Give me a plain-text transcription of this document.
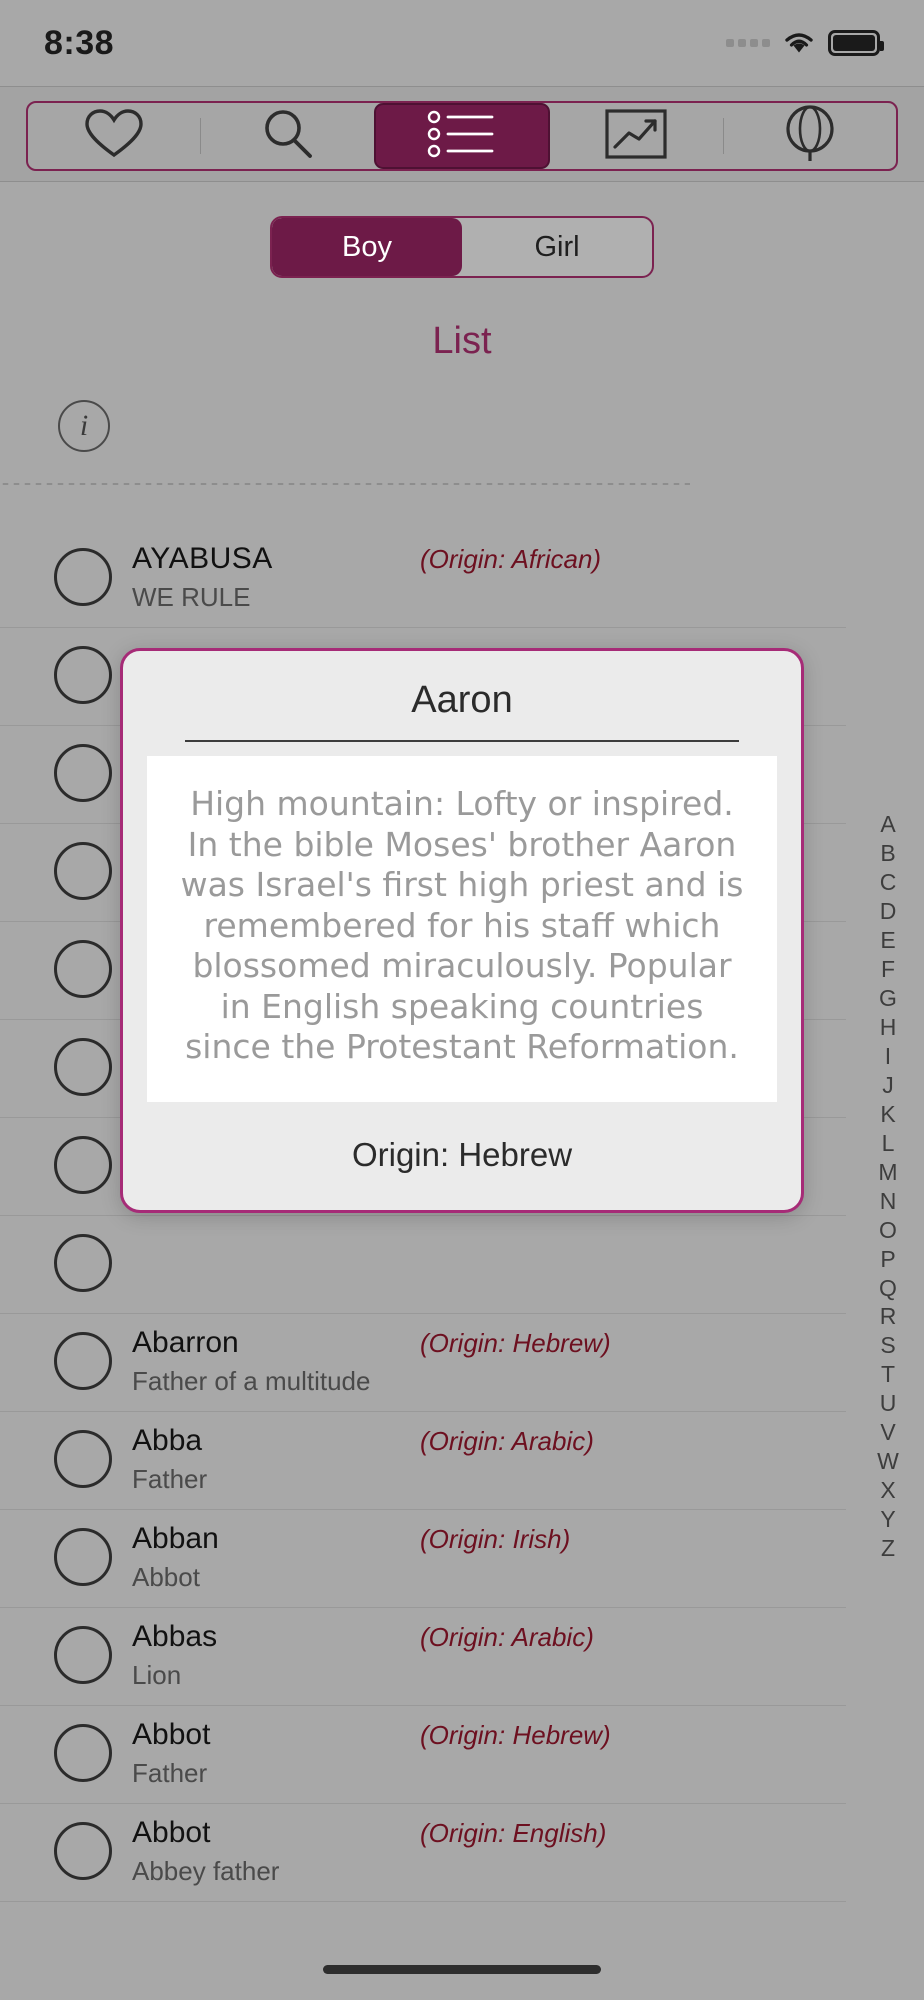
8:38
Boy	Girl
List
i
AYABUSA
WE RULE
(Origin: African)
Abarron
Father of a multitude
(Origin: Hebrew)
Abba
Father
(Origin: Arabic)
Abban
Abbot
(Origin: Irish)
Abbas
Lion
(Origin: Arabic)
Abbot
Father
(Origin: Hebrew)
Abbot
Abbey father
(Origin: English)
A
B
C
D
E
F
G
H
I
J
K
L
M
N
O
P
Q
R
S
T
U
V
W
X
Y
Z
Aaron
High mountain: Lofty or inspired. In the bible Moses' brother Aaron was Israel's first high priest and is remembered for his staff which blossomed miraculously. Popular in English speaking countries since the Protestant Reformation.
Origin: Hebrew
